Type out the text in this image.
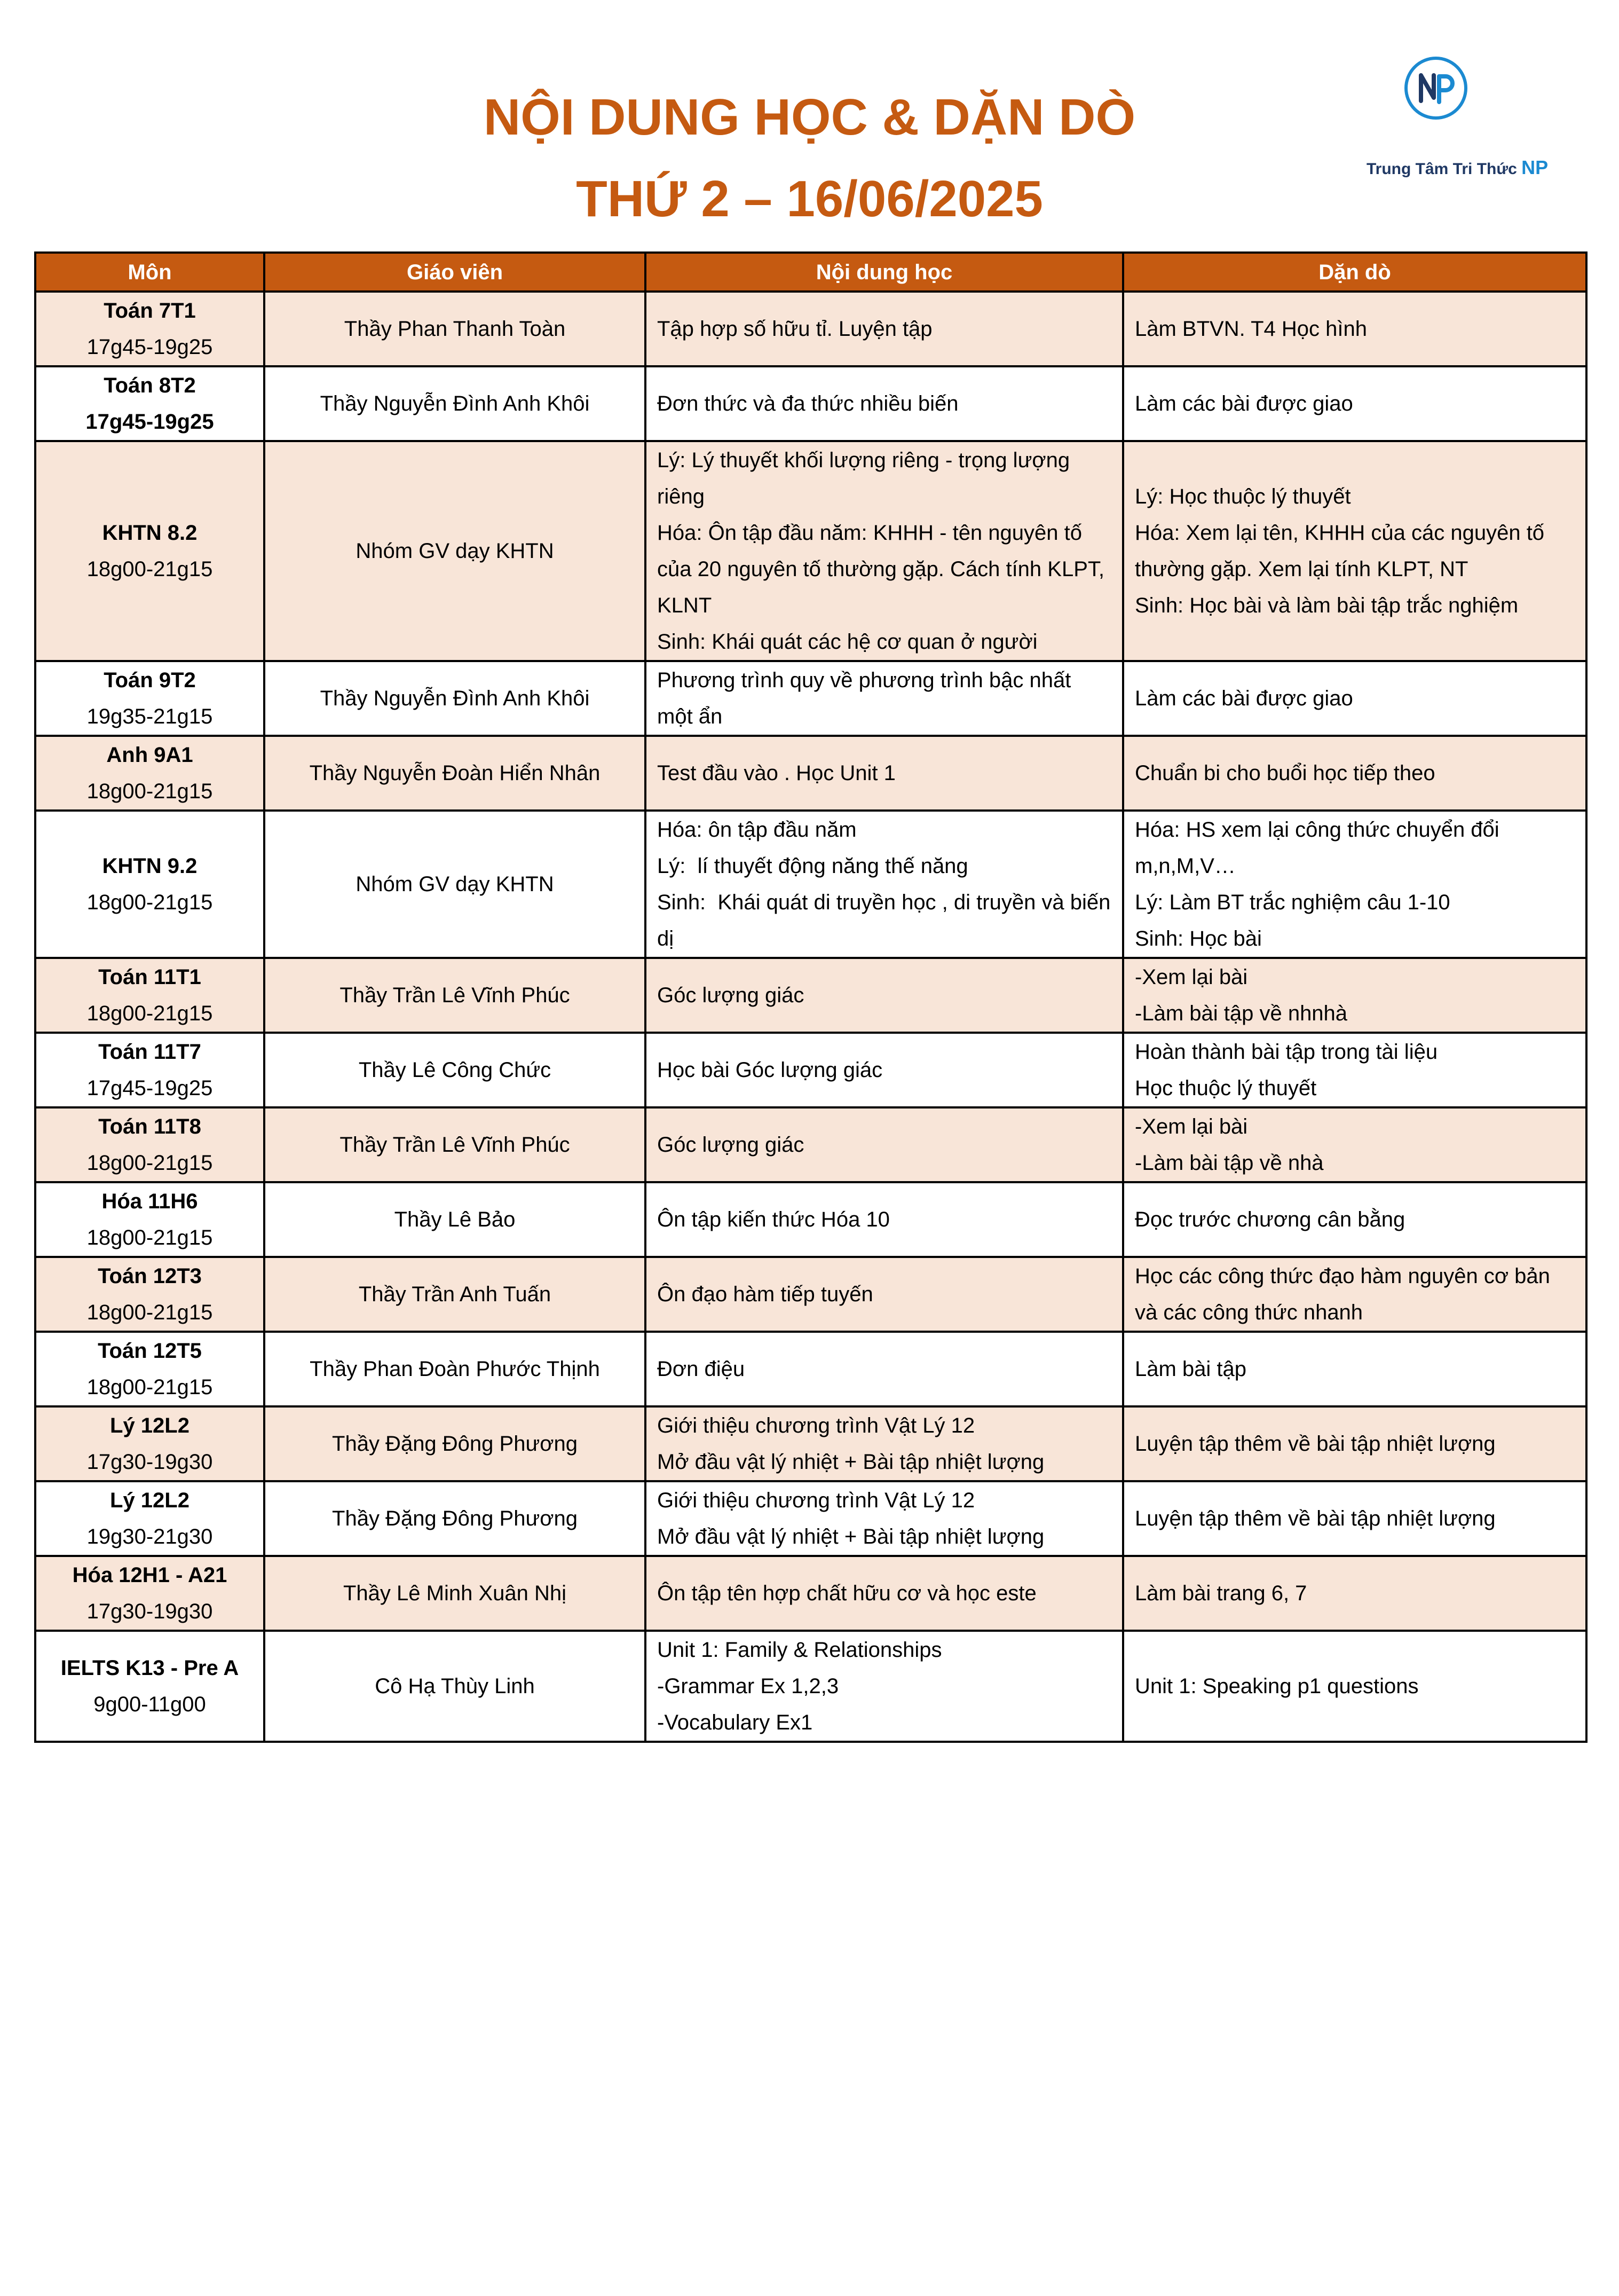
NỘI DUNG HỌC & DẶN DÒ
THỨ 2 – 16/06/2025
Trung Tâm Tri Thức NP
Môn	Giáo viên	Nội dung học	Dặn dò

Toán 7T1
17g45-19g25	Thầy Phan Thanh Toàn	Tập hợp số hữu tỉ. Luyện tập	Làm BTVN. T4 Học hình

Toán 8T2
17g45-19g25	Thầy Nguyễn Đình Anh Khôi	Đơn thức và đa thức nhiều biến	Làm các bài được giao

KHTN 8.2
18g00-21g15	Nhóm GV dạy KHTN	Lý: Lý thuyết khối lượng riêng - trọng lượng riêng
Hóa: Ôn tập đầu năm: KHHH - tên nguyên tố của 20 nguyên tố thường gặp. Cách tính KLPT, KLNT
Sinh: Khái quát các hệ cơ quan ở người	Lý: Học thuộc lý thuyết
Hóa: Xem lại tên, KHHH của các nguyên tố thường gặp. Xem lại tính KLPT, NT
Sinh: Học bài và làm bài tập trắc nghiệm

Toán 9T2
19g35-21g15	Thầy Nguyễn Đình Anh Khôi	Phương trình quy về phương trình bậc nhất một ẩn	Làm các bài được giao

Anh 9A1
18g00-21g15	Thầy Nguyễn Đoàn Hiển Nhân	Test đầu vào . Học Unit 1	Chuẩn bi cho buổi học tiếp theo

KHTN 9.2
18g00-21g15	Nhóm GV dạy KHTN	Hóa: ôn tập đầu năm
Lý:  lí thuyết động năng thế năng
Sinh:  Khái quát di truyền học , di truyền và biến dị	Hóa: HS xem lại công thức chuyển đổi m,n,M,V…
Lý: Làm BT trắc nghiệm câu 1-10
Sinh: Học bài

Toán 11T1
18g00-21g15	Thầy Trần Lê Vĩnh Phúc	Góc lượng giác	-Xem lại bài
-Làm bài tập về nhnhà

Toán 11T7
17g45-19g25	Thầy Lê Công Chức	Học bài Góc lượng giác	Hoàn thành bài tập trong tài liệu
Học thuộc lý thuyết

Toán 11T8
18g00-21g15	Thầy Trần Lê Vĩnh Phúc	Góc lượng giác	-Xem lại bài
-Làm bài tập về nhà

Hóa 11H6
18g00-21g15	Thầy Lê Bảo	Ôn tập kiến thức Hóa 10	Đọc trước chương cân bằng

Toán 12T3
18g00-21g15	Thầy Trần Anh Tuấn	Ôn đạo hàm tiếp tuyến	Học các công thức đạo hàm nguyên cơ bản và các công thức nhanh

Toán 12T5
18g00-21g15	Thầy Phan Đoàn Phước Thịnh	Đơn điệu	Làm bài tập

Lý 12L2
17g30-19g30	Thầy Đặng Đông Phương	Giới thiệu chương trình Vật Lý 12
Mở đầu vật lý nhiệt + Bài tập nhiệt lượng	Luyện tập thêm về bài tập nhiệt lượng

Lý 12L2
19g30-21g30	Thầy Đặng Đông Phương	Giới thiệu chương trình Vật Lý 12
Mở đầu vật lý nhiệt + Bài tập nhiệt lượng	Luyện tập thêm về bài tập nhiệt lượng

Hóa 12H1 - A21
17g30-19g30	Thầy Lê Minh Xuân Nhị	Ôn tập tên hợp chất hữu cơ và học este	Làm bài trang 6, 7

IELTS K13 - Pre A
9g00-11g00	Cô Hạ Thùy Linh	Unit 1: Family & Relationships
-Grammar Ex 1,2,3
-Vocabulary Ex1	Unit 1: Speaking p1 questions
